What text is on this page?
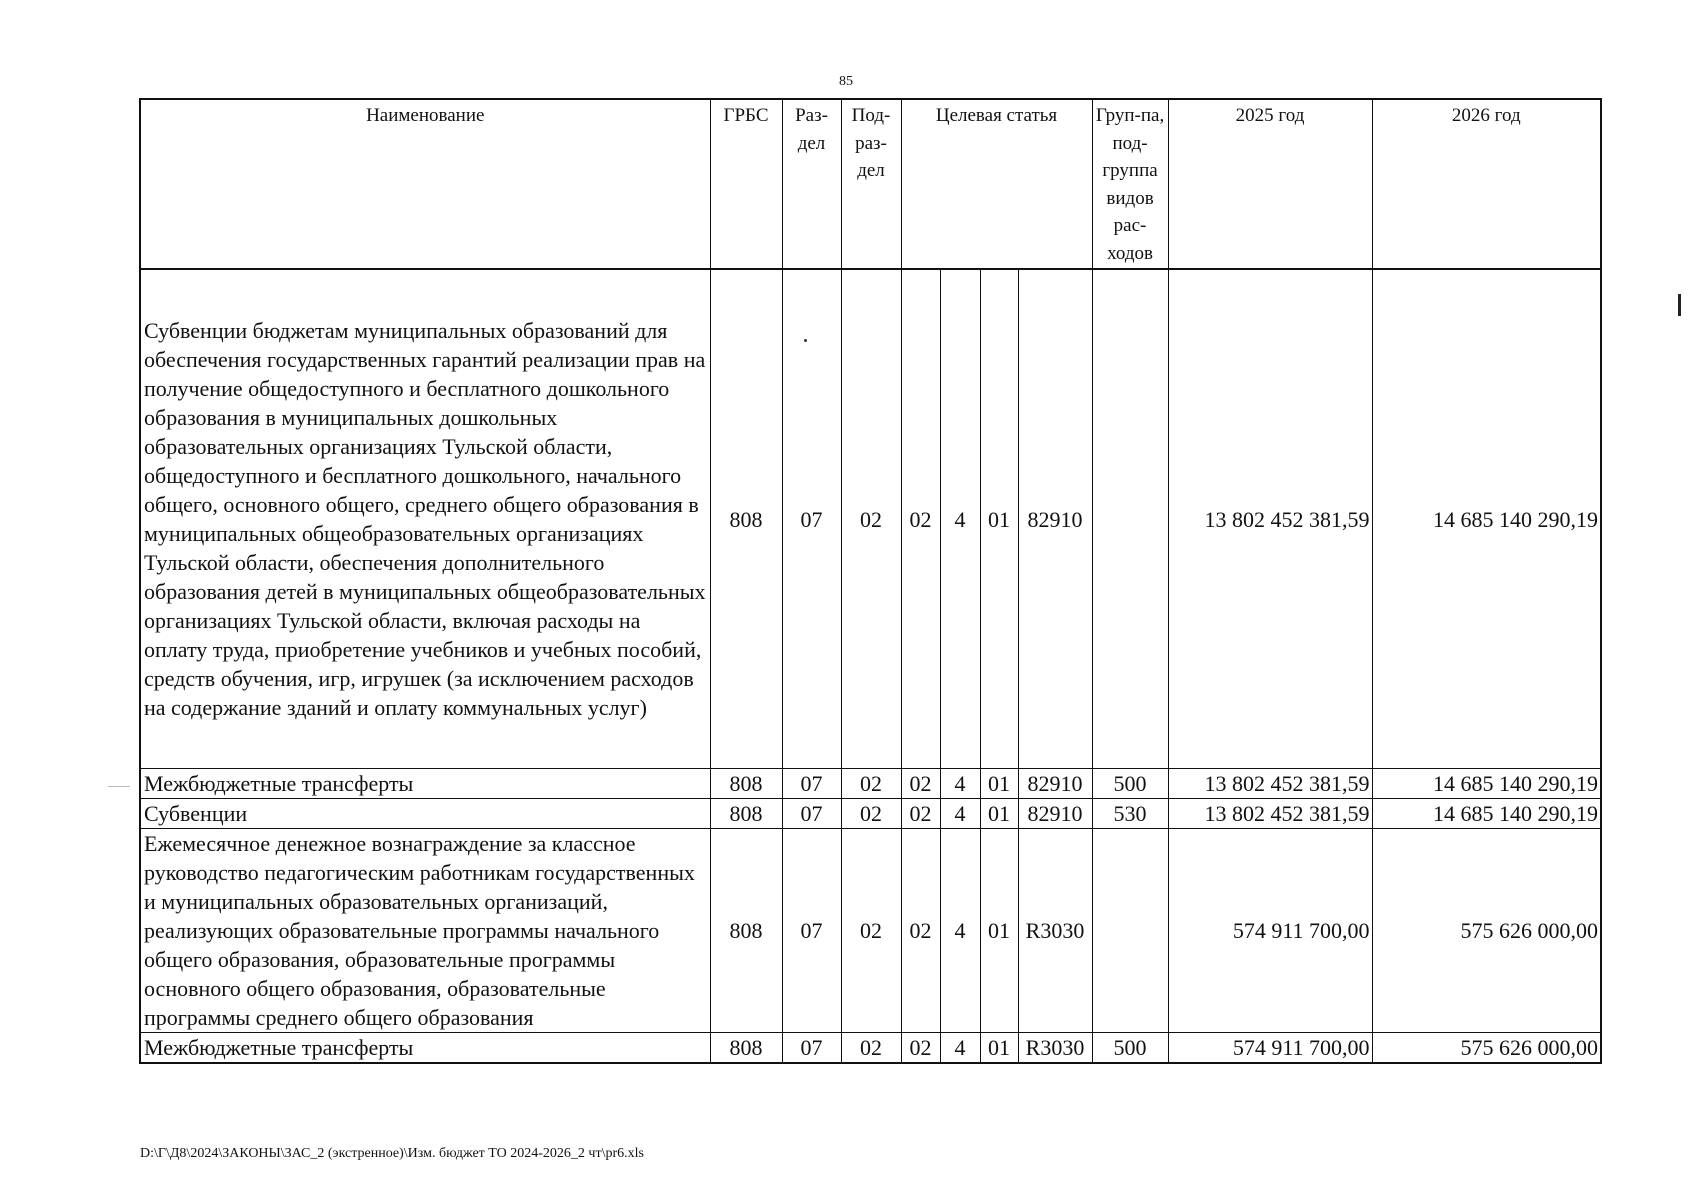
85
Наименование	ГРБС	Раз-дел	Под-раз-дел	Целевая статья				Груп-па, под-группа видов рас-ходов	2025 год	2026 год
Субвенции бюджетам муниципальных образований для обеспечения государственных гарантий реализации прав на получение общедоступного и бесплатного дошкольного образования в муниципальных дошкольных образовательных организациях Тульской области, общедоступного и бесплатного дошкольного, начального общего, основного общего, среднего общего образования в муниципальных общеобразовательных организациях Тульской области, обеспечения дополнительного образования детей в муниципальных общеобразовательных организациях Тульской области, включая расходы на оплату труда, приобретение учебников и учебных пособий, средств обучения, игр, игрушек (за исключением расходов на содержание зданий и оплату коммунальных услуг)	808	07	02	02	4	01	82910		13 802 452 381,59	14 685 140 290,19
Межбюджетные трансферты	808	07	02	02	4	01	82910	500	13 802 452 381,59	14 685 140 290,19
Субвенции	808	07	02	02	4	01	82910	530	13 802 452 381,59	14 685 140 290,19
Ежемесячное денежное вознаграждение за классное руководство педагогическим работникам государственных и муниципальных образовательных организаций, реализующих образовательные программы начального общего образования, образовательные программы основного общего образования, образовательные программы среднего общего образования	808	07	02	02	4	01	R3030		574 911 700,00	575 626 000,00
Межбюджетные трансферты	808	07	02	02	4	01	R3030	500	574 911 700,00	575 626 000,00
D:\Г\Д8\2024\ЗАКОНЫ\ЗАС_2 (экстренное)\Изм. бюджет ТО 2024-2026_2 чт\pr6.xls
